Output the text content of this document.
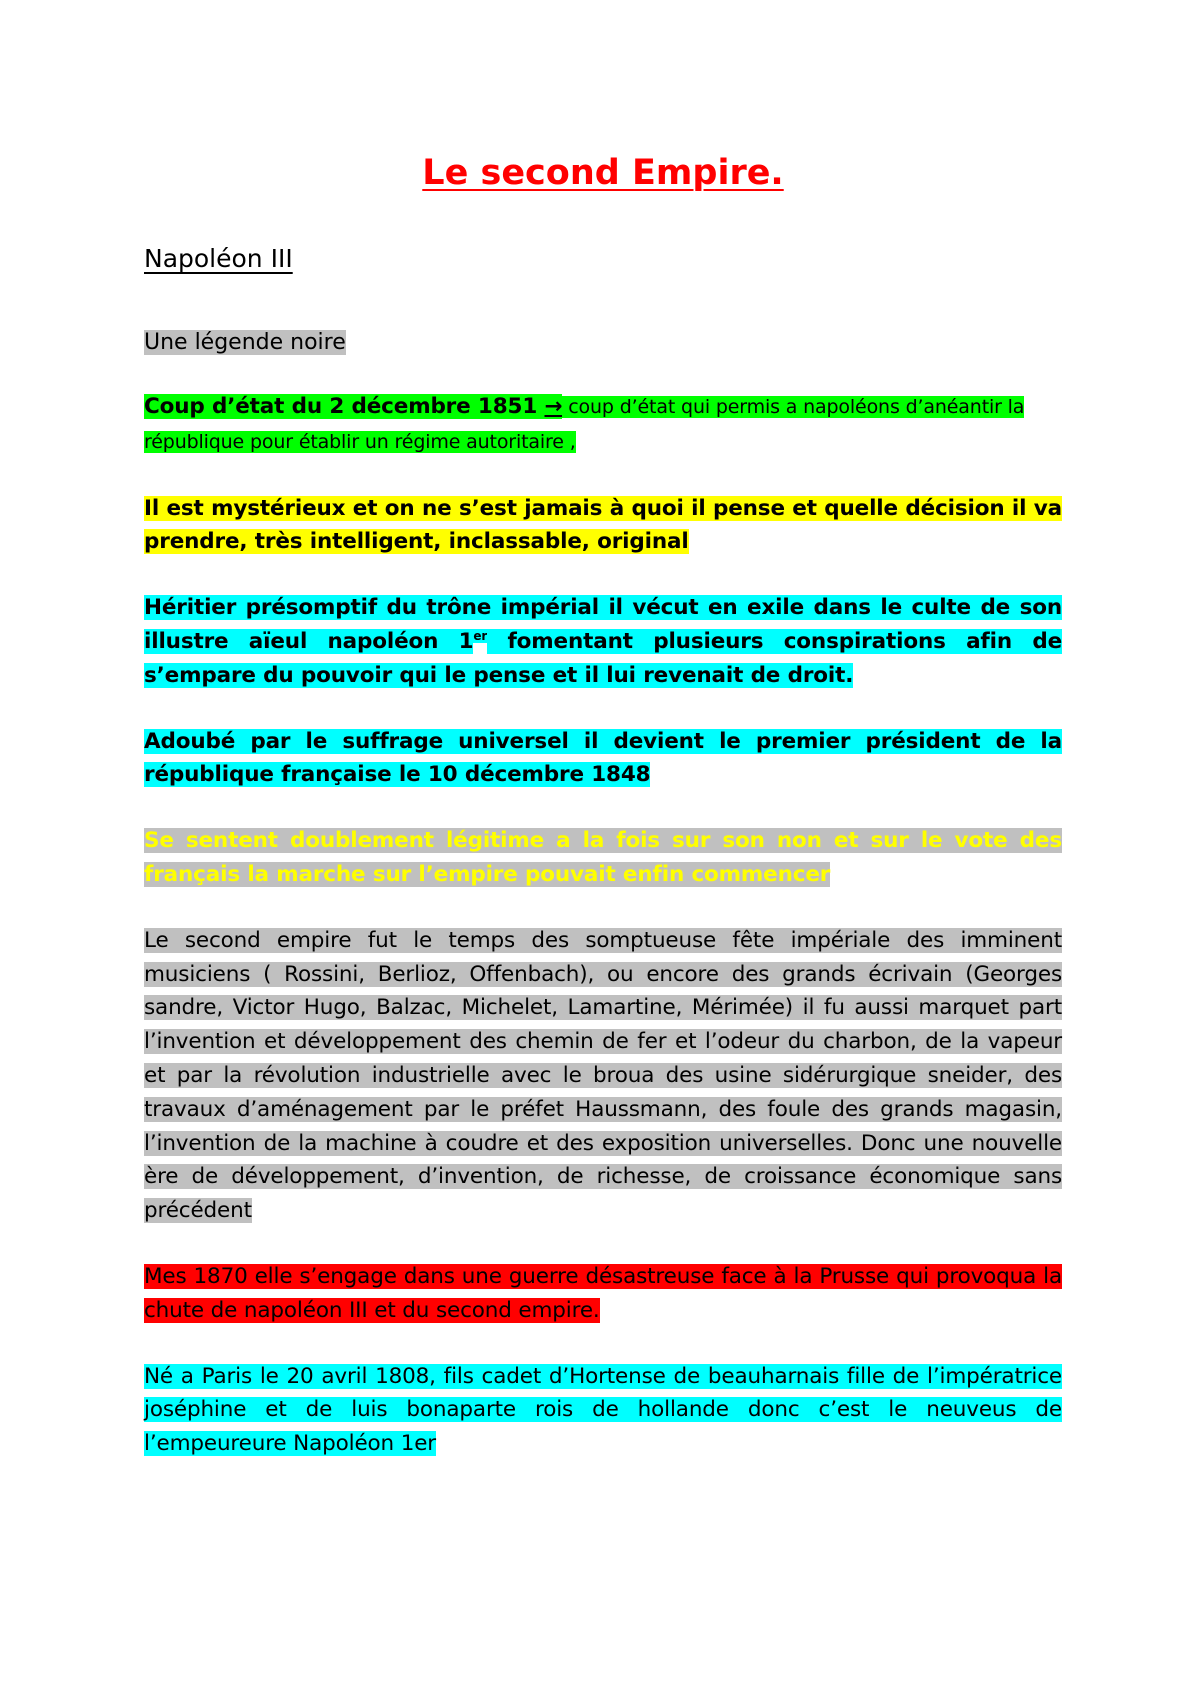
Le second Empire.
Napoléon III

Une légende noire

Coup d’état du 2 décembre 1851 → coup d’état qui permis a napoléons d’anéantir la république pour établir un régime autoritaire ,

Il est mystérieux et on ne s’est jamais à quoi il pense et quelle décision il va prendre, très intelligent, inclassable, original

Héritier présomptif du trône impérial il vécut en exile dans le culte de son illustre aïeul napoléon 1er fomentant plusieurs conspirations afin de s’empare du pouvoir qui le pense et il lui revenait de droit.

Adoubé par le suffrage universel il devient le premier président de la république française le 10 décembre 1848

Se sentent doublement légitime a la fois sur son non et sur le vote des français la marche sur l’empire pouvait enfin commencer

Le second empire fut le temps des somptueuse fête impériale des imminent musiciens ( Rossini, Berlioz, Offenbach), ou encore des grands écrivain (Georges sandre, Victor Hugo, Balzac, Michelet, Lamartine, Mérimée) il fu aussi marquet part l’invention et développement des chemin de fer et l’odeur du charbon, de la vapeur et par la révolution industrielle avec le broua des usine sidérurgique sneider, des travaux d’aménagement par le préfet Haussmann, des foule des grands magasin, l’invention de la machine à coudre et des exposition universelles. Donc une nouvelle ère de développement, d’invention, de richesse, de croissance économique sans précédent

Mes 1870 elle s’engage dans une guerre désastreuse face à la Prusse qui provoqua la chute de napoléon III et du second empire.

Né a Paris le 20 avril 1808, fils cadet d’Hortense de beauharnais fille de l’impératrice joséphine et de luis bonaparte rois de hollande donc c’est le neuveus de l’empeureure Napoléon 1er
